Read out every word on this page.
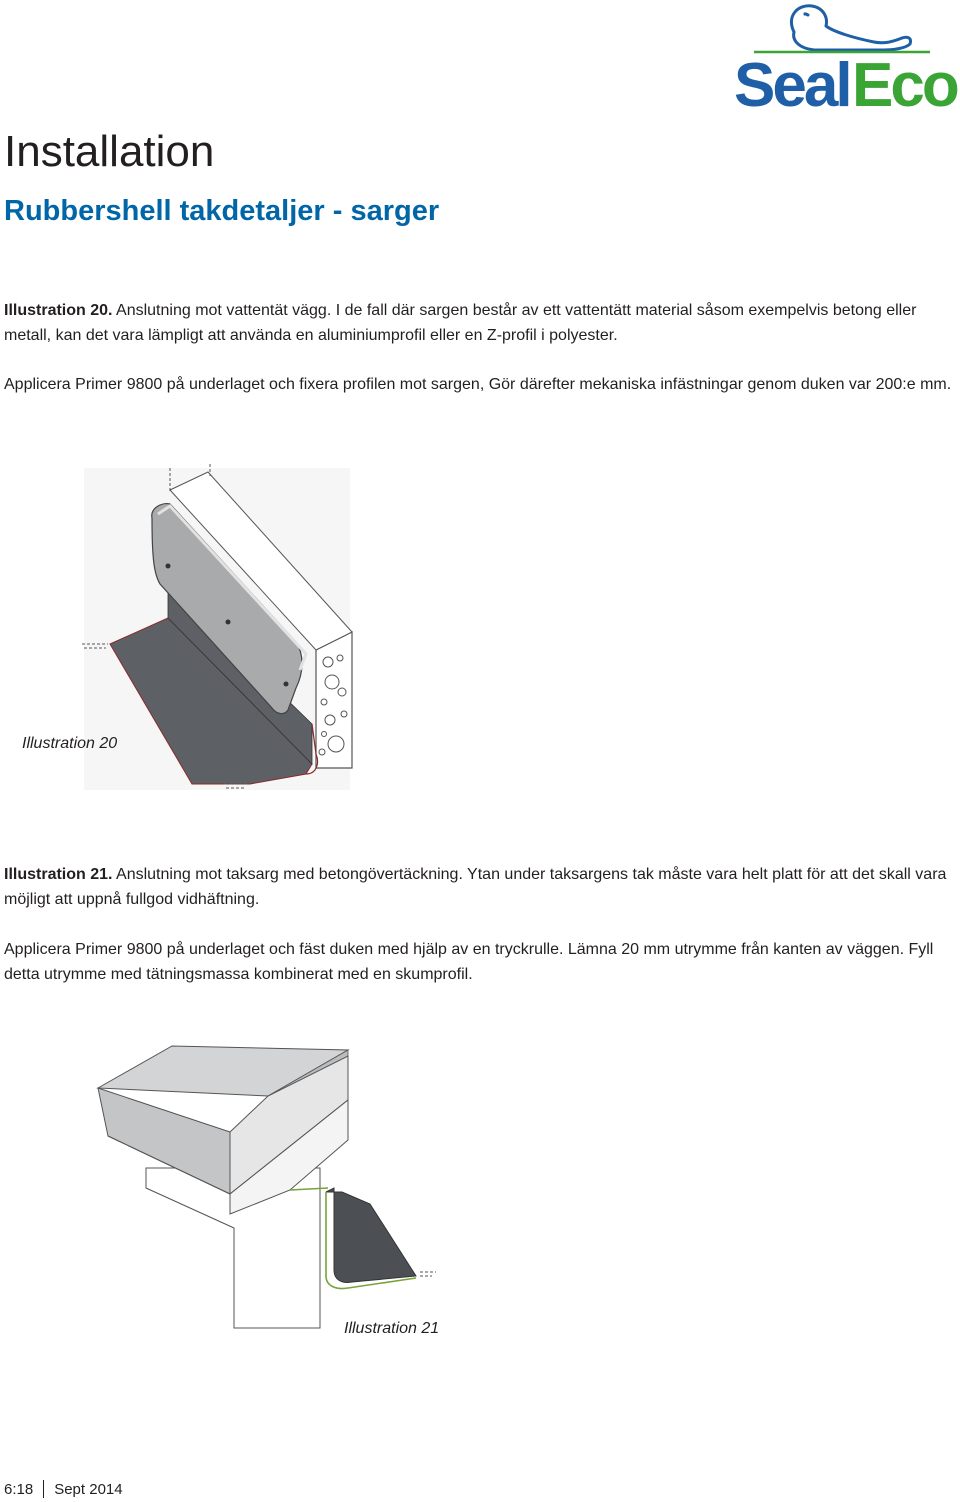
Seal Eco
Installation
Rubbershell takdetaljer - sarger

Illustration 20. Anslutning mot vattentät vägg. I de fall där sargen består av ett vattentätt material såsom exempelvis betong eller metall, kan det vara lämpligt att använda en aluminiumprofil eller en Z-profil i polyester.

Applicera Primer 9800 på underlaget och fixera profilen mot sargen, Gör därefter mekaniska infästningar genom duken var 200:e mm.

Illustration 20

Illustration 21. Anslutning mot taksarg med betongövertäckning. Ytan under taksargens tak måste vara helt platt för att det skall vara möjligt att uppnå fullgod vidhäftning.

Applicera Primer 9800 på underlaget och fäst duken med hjälp av en tryckrulle. Lämna 20 mm utrymme från kanten av väggen. Fyll detta utrymme med tätningsmassa kombinerat med en skumprofil.

Illustration 21
6:18 Sept 2014
